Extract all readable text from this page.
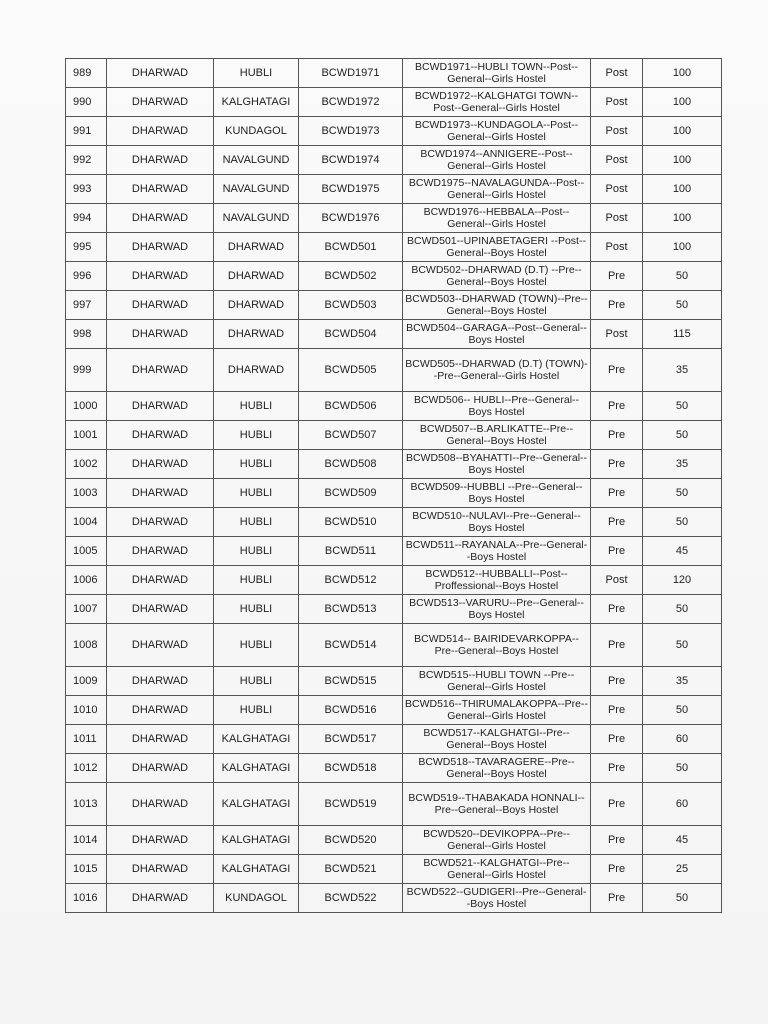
989	DHARWAD	HUBLI	BCWD1971	BCWD1971--HUBLI TOWN--Post--General--Girls Hostel	Post	100
990	DHARWAD	KALGHATAGI	BCWD1972	BCWD1972--KALGHATGI TOWN--Post--General--Girls Hostel	Post	100
991	DHARWAD	KUNDAGOL	BCWD1973	BCWD1973--KUNDAGOLA--Post--General--Girls Hostel	Post	100
992	DHARWAD	NAVALGUND	BCWD1974	BCWD1974--ANNIGERE--Post--General--Girls Hostel	Post	100
993	DHARWAD	NAVALGUND	BCWD1975	BCWD1975--NAVALAGUNDA--Post--General--Girls Hostel	Post	100
994	DHARWAD	NAVALGUND	BCWD1976	BCWD1976--HEBBALA--Post--General--Girls Hostel	Post	100
995	DHARWAD	DHARWAD	BCWD501	BCWD501--UPINABETAGERI --Post--General--Boys Hostel	Post	100
996	DHARWAD	DHARWAD	BCWD502	BCWD502--DHARWAD (D.T) --Pre--General--Boys Hostel	Pre	50
997	DHARWAD	DHARWAD	BCWD503	BCWD503--DHARWAD (TOWN)--Pre--General--Boys Hostel	Pre	50
998	DHARWAD	DHARWAD	BCWD504	BCWD504--GARAGA--Post--General--Boys Hostel	Post	115
999	DHARWAD	DHARWAD	BCWD505	BCWD505--DHARWAD (D.T) (TOWN)--Pre--General--Girls Hostel	Pre	35
1000	DHARWAD	HUBLI	BCWD506	BCWD506-- HUBLI--Pre--General--Boys Hostel	Pre	50
1001	DHARWAD	HUBLI	BCWD507	BCWD507--B.ARLIKATTE--Pre--General--Boys Hostel	Pre	50
1002	DHARWAD	HUBLI	BCWD508	BCWD508--BYAHATTI--Pre--General--Boys Hostel	Pre	35
1003	DHARWAD	HUBLI	BCWD509	BCWD509--HUBBLI --Pre--General--Boys Hostel	Pre	50
1004	DHARWAD	HUBLI	BCWD510	BCWD510--NULAVI--Pre--General--Boys Hostel	Pre	50
1005	DHARWAD	HUBLI	BCWD511	BCWD511--RAYANALA--Pre--General--Boys Hostel	Pre	45
1006	DHARWAD	HUBLI	BCWD512	BCWD512--HUBBALLI--Post--Proffessional--Boys Hostel	Post	120
1007	DHARWAD	HUBLI	BCWD513	BCWD513--VARURU--Pre--General--Boys Hostel	Pre	50
1008	DHARWAD	HUBLI	BCWD514	BCWD514-- BAIRIDEVARKOPPA--Pre--General--Boys Hostel	Pre	50
1009	DHARWAD	HUBLI	BCWD515	BCWD515--HUBLI TOWN --Pre--General--Girls Hostel	Pre	35
1010	DHARWAD	HUBLI	BCWD516	BCWD516--THIRUMALAKOPPA--Pre--General--Girls Hostel	Pre	50
1011	DHARWAD	KALGHATAGI	BCWD517	BCWD517--KALGHATGI--Pre--General--Boys Hostel	Pre	60
1012	DHARWAD	KALGHATAGI	BCWD518	BCWD518--TAVARAGERE--Pre--General--Boys Hostel	Pre	50
1013	DHARWAD	KALGHATAGI	BCWD519	BCWD519--THABAKADA HONNALI--Pre--General--Boys Hostel	Pre	60
1014	DHARWAD	KALGHATAGI	BCWD520	BCWD520--DEVIKOPPA--Pre--General--Girls Hostel	Pre	45
1015	DHARWAD	KALGHATAGI	BCWD521	BCWD521--KALGHATGI--Pre--General--Girls Hostel	Pre	25
1016	DHARWAD	KUNDAGOL	BCWD522	BCWD522--GUDIGERI--Pre--General--Boys Hostel	Pre	50
